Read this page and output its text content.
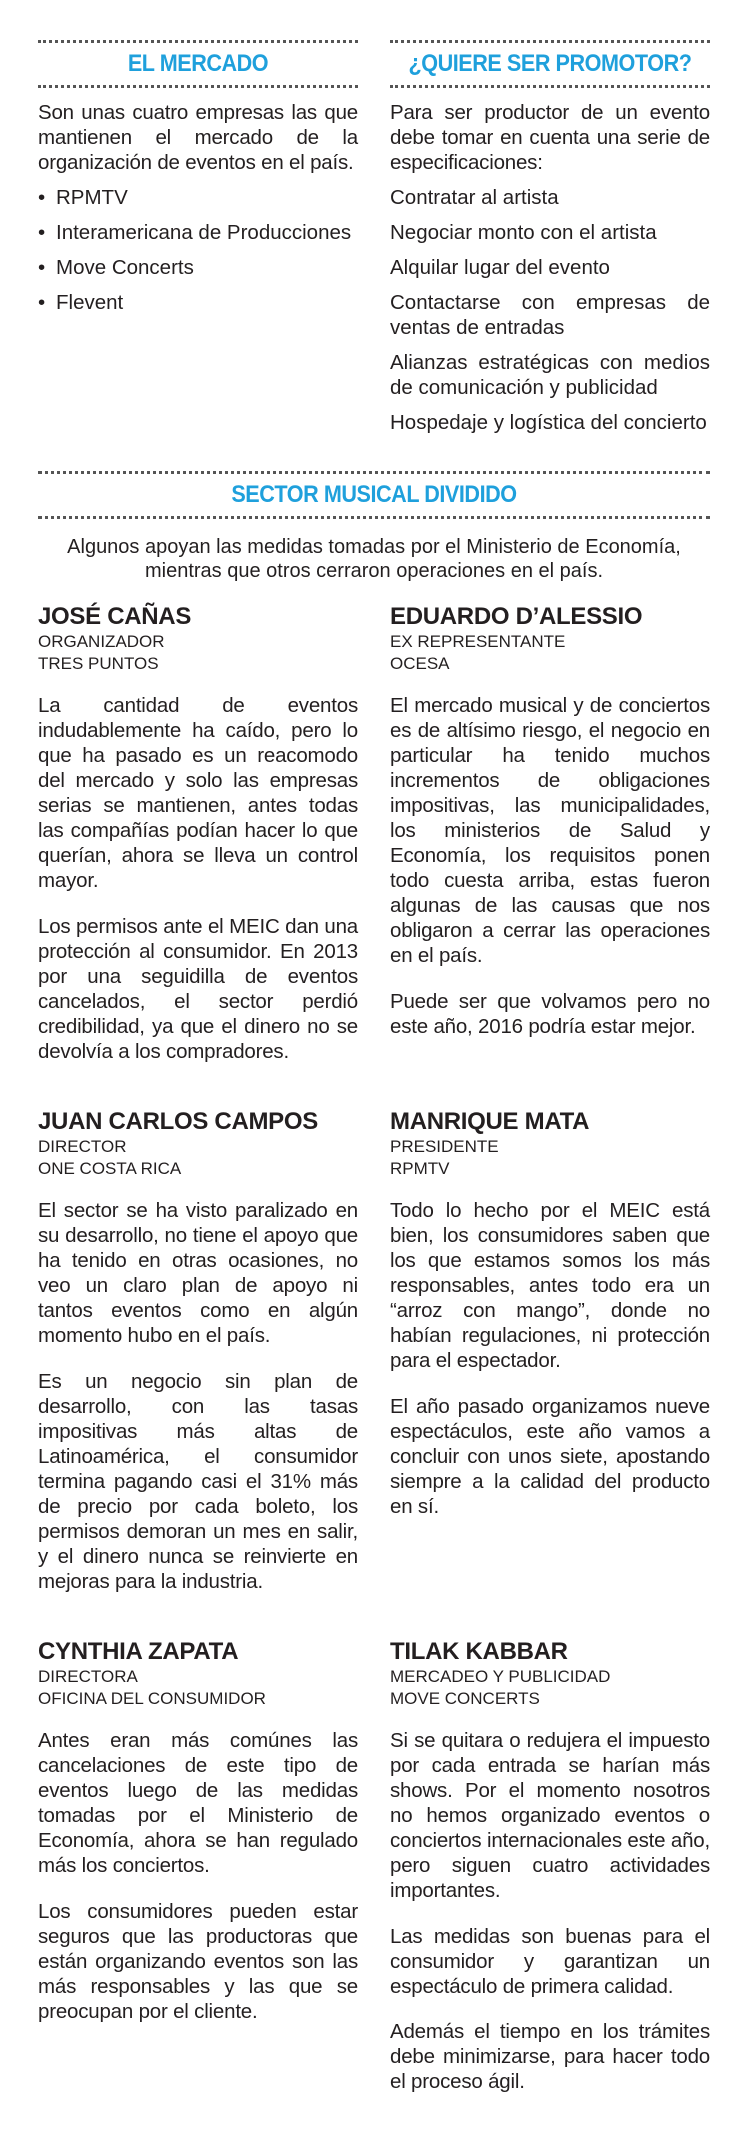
EL MERCADO
Son unas cuatro empresas las que mantienen el mercado de la organización de eventos en el país.
• RPMTV
• Interamericana de Producciones
• Move Concerts
• Flevent
¿QUIERE SER PROMOTOR?
Para ser productor de un evento debe tomar en cuenta una serie de especificaciones:
Contratar al artista
Negociar monto con el artista
Alquilar lugar del evento
Contactarse con empresas de ventas de entradas
Alianzas estratégicas con medios de comunicación y publicidad
Hospedaje y logística del concierto
SECTOR MUSICAL DIVIDIDO
Algunos apoyan las medidas tomadas por el Ministerio de Economía, mientras que otros cerraron operaciones en el país.
JOSÉ CAÑAS
ORGANIZADOR
TRES PUNTOS

La cantidad de eventos indudablemente ha caído, pero lo que ha pasado es un reacomodo del mercado y solo las empresas serias se mantienen, antes todas las compañías podían hacer lo que querían, ahora se lleva un control mayor.

Los permisos ante el MEIC dan una protección al consumidor. En 2013 por una seguidilla de eventos cancelados, el sector perdió credibilidad, ya que el dinero no se devolvía a los compradores.

EDUARDO D’ALESSIO
EX REPRESENTANTE
OCESA

El mercado musical y de conciertos es de altísimo riesgo, el negocio en particular ha tenido muchos incrementos de obligaciones impositivas, las municipalidades, los ministerios de Salud y Economía, los requisitos ponen todo cuesta arriba, estas fueron algunas de las causas que nos obligaron a cerrar las operaciones en el país.

Puede ser que volvamos pero no este año, 2016 podría estar mejor.

JUAN CARLOS CAMPOS
DIRECTOR
ONE COSTA RICA

El sector se ha visto paralizado en su desarrollo, no tiene el apoyo que ha tenido en otras ocasiones, no veo un claro plan de apoyo ni tantos eventos como en algún momento hubo en el país.

Es un negocio sin plan de desarrollo, con las tasas impositivas más altas de Latinoamérica, el consumidor termina pagando casi el 31% más de precio por cada boleto, los permisos demoran un mes en salir, y el dinero nunca se reinvierte en mejoras para la industria.

MANRIQUE MATA
PRESIDENTE
RPMTV

Todo lo hecho por el MEIC está bien, los consumidores saben que los que estamos somos los más responsables, antes todo era un “arroz con mango”, donde no habían regulaciones, ni protección para el espectador.

El año pasado organizamos nueve espectáculos, este año vamos a concluir con unos siete, apostando siempre a la calidad del producto en sí.

CYNTHIA ZAPATA
DIRECTORA
OFICINA DEL CONSUMIDOR

Antes eran más comúnes las cancelaciones de este tipo de eventos luego de las medidas tomadas por el Ministerio de Economía, ahora se han regulado más los conciertos.

Los consumidores pueden estar seguros que las productoras que están organizando eventos son las más responsables y las que se preocupan por el cliente.

TILAK KABBAR
MERCADEO Y PUBLICIDAD
MOVE CONCERTS

Si se quitara o redujera el impuesto por cada entrada se harían más shows. Por el momento nosotros no hemos organizado eventos o conciertos internacionales este año, pero siguen cuatro actividades importantes.

Las medidas son buenas para el consumidor y garantizan un espectáculo de primera calidad.

Además el tiempo en los trámites debe minimizarse, para hacer todo el proceso ágil.
